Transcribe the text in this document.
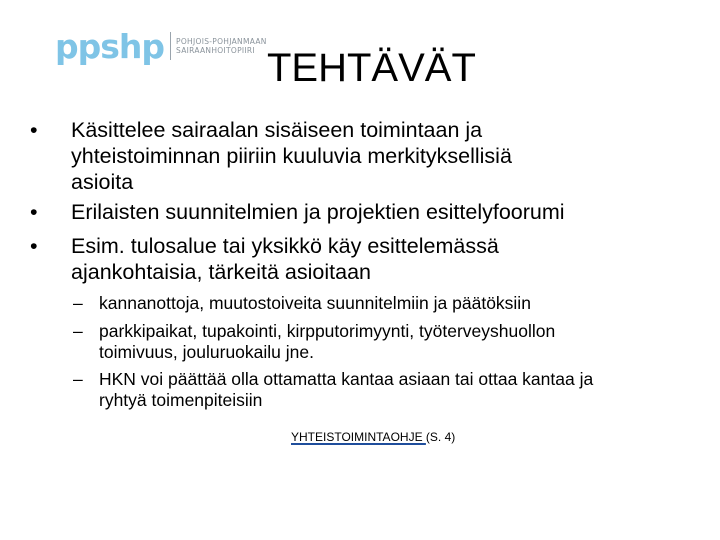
ppshp POHJOIS-POHJANMAAN
SAIRAANHOITOPIIRI TEHTÄVÄT
• Käsittelee sairaalan sisäiseen toimintaan ja
yhteistoiminnan piiriin kuuluvia merkityksellisiä
asioita
• Erilaisten suunnitelmien ja projektien esittelyfoorumi
• Esim. tulosalue tai yksikkö käy esittelemässä
ajankohtaisia, tärkeitä asioitaan
– kannanottoja, muutostoiveita suunnitelmiin ja päätöksiin
– parkkipaikat, tupakointi, kirpputorimyynti, työterveyshuollon
toimivuus, jouluruokailu jne.
– HKN voi päättää olla ottamatta kantaa asiaan tai ottaa kantaa ja
ryhtyä toimenpiteisiin
YHTEISTOIMINTAOHJE (S. 4)
